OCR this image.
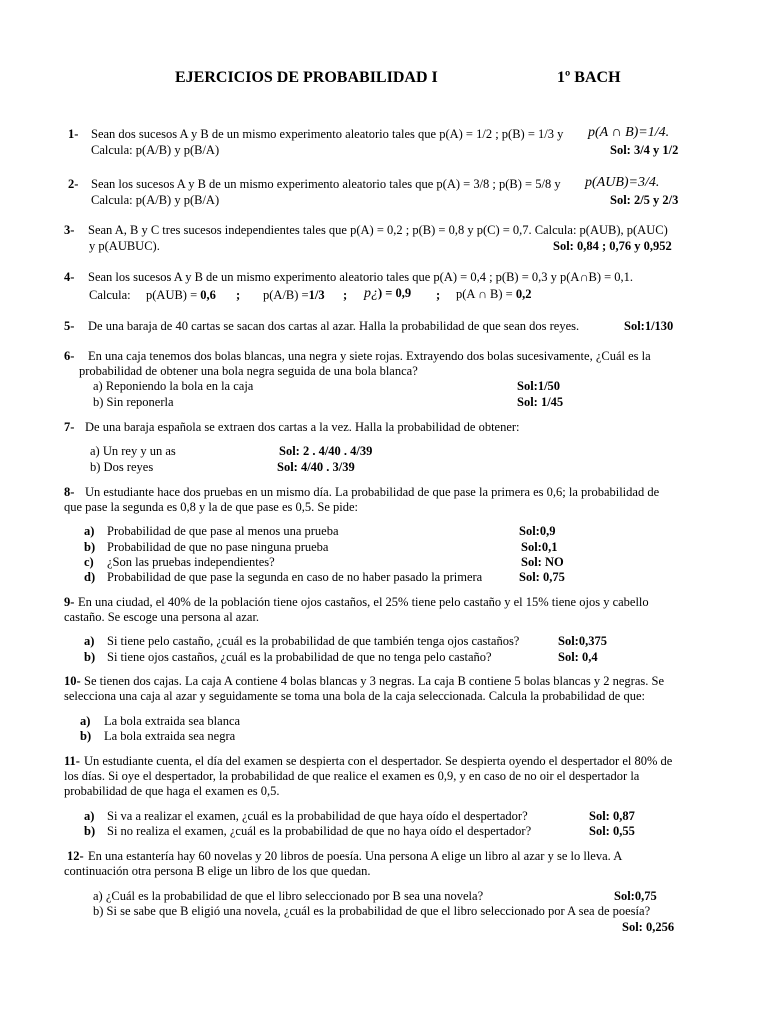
EJERCICIOS DE PROBABILIDAD I	1º BACH
1- Sean dos sucesos A y B de un mismo experimento aleatorio tales que p(A) = 1/2 ; p(B) = 1/3 y p(A ∩ B)=1/4.
Calcula: p(A/B) y p(B/A)	Sol: 3/4 y 1/2
2- Sean los sucesos A y B de un mismo experimento aleatorio tales que p(A) = 3/8 ; p(B) = 5/8 y p(AUB)=3/4.
Calcula: p(A/B) y p(B/A)	Sol: 2/5 y 2/3
3- Sean A, B y C tres sucesos independientes tales que p(A) = 0,2 ; p(B) = 0,8 y p(C) = 0,7. Calcula: p(AUB), p(AUC)
y p(AUBUC).	Sol: 0,84 ; 0,76 y 0,952
4- Sean los sucesos A y B de un mismo experimento aleatorio tales que p(A) = 0,4 ; p(B) = 0,3 y p(A∩B) = 0,1.
Calcula: p(AUB) = 0,6 ; p(A/B) =1/3 ; p¿) = 0,9 ; p(A ∩ B) = 0,2
5- De una baraja de 40 cartas se sacan dos cartas al azar. Halla la probabilidad de que sean dos reyes.	Sol:1/130
6- En una caja tenemos dos bolas blancas, una negra y siete rojas. Extrayendo dos bolas sucesivamente, ¿Cuál es la
probabilidad de obtener una bola negra seguida de una bola blanca?
a) Reponiendo la bola en la caja	Sol:1/50
b) Sin reponerla	Sol: 1/45
7- De una baraja española se extraen dos cartas a la vez. Halla la probabilidad de obtener:
a) Un rey y un as	Sol: 2 . 4/40 . 4/39
b) Dos reyes	Sol: 4/40 . 3/39
8- Un estudiante hace dos pruebas en un mismo día. La probabilidad de que pase la primera es 0,6; la probabilidad de
que pase la segunda es 0,8 y la de que pase es 0,5. Se pide:
a) Probabilidad de que pase al menos una prueba	Sol:0,9
b) Probabilidad de que no pase ninguna prueba	Sol:0,1
c) ¿Son las pruebas independientes?	Sol: NO
d) Probabilidad de que pase la segunda en caso de no haber pasado la primera	Sol: 0,75
9- En una ciudad, el 40% de la población tiene ojos castaños, el 25% tiene pelo castaño y el 15% tiene ojos y cabello
castaño. Se escoge una persona al azar.
a) Si tiene pelo castaño, ¿cuál es la probabilidad de que también tenga ojos castaños?	Sol:0,375
b) Si tiene ojos castaños, ¿cuál es la probabilidad de que no tenga pelo castaño?	Sol: 0,4
10- Se tienen dos cajas. La caja A contiene 4 bolas blancas y 3 negras. La caja B contiene 5 bolas blancas y 2 negras. Se
selecciona una caja al azar y seguidamente se toma una bola de la caja seleccionada. Calcula la probabilidad de que:
a) La bola extraida sea blanca
b) La bola extraida sea negra
11- Un estudiante cuenta, el día del examen se despierta con el despertador. Se despierta oyendo el despertador el 80% de
los días. Si oye el despertador, la probabilidad de que realice el examen es 0,9, y en caso de no oir el despertador la
probabilidad de que haga el examen es 0,5.
a) Si va a realizar el examen, ¿cuál es la probabilidad de que haya oído el despertador?	Sol: 0,87
b) Si no realiza el examen, ¿cuál es la probabilidad de que no haya oído el despertador?	Sol: 0,55
12- En una estantería hay 60 novelas y 20 libros de poesía. Una persona A elige un libro al azar y se lo lleva. A
continuación otra persona B elige un libro de los que quedan.
a) ¿Cuál es la probabilidad de que el libro seleccionado por B sea una novela?	Sol:0,75
b) Si se sabe que B eligió una novela, ¿cuál es la probabilidad de que el libro seleccionado por A sea de poesía?
Sol: 0,256
